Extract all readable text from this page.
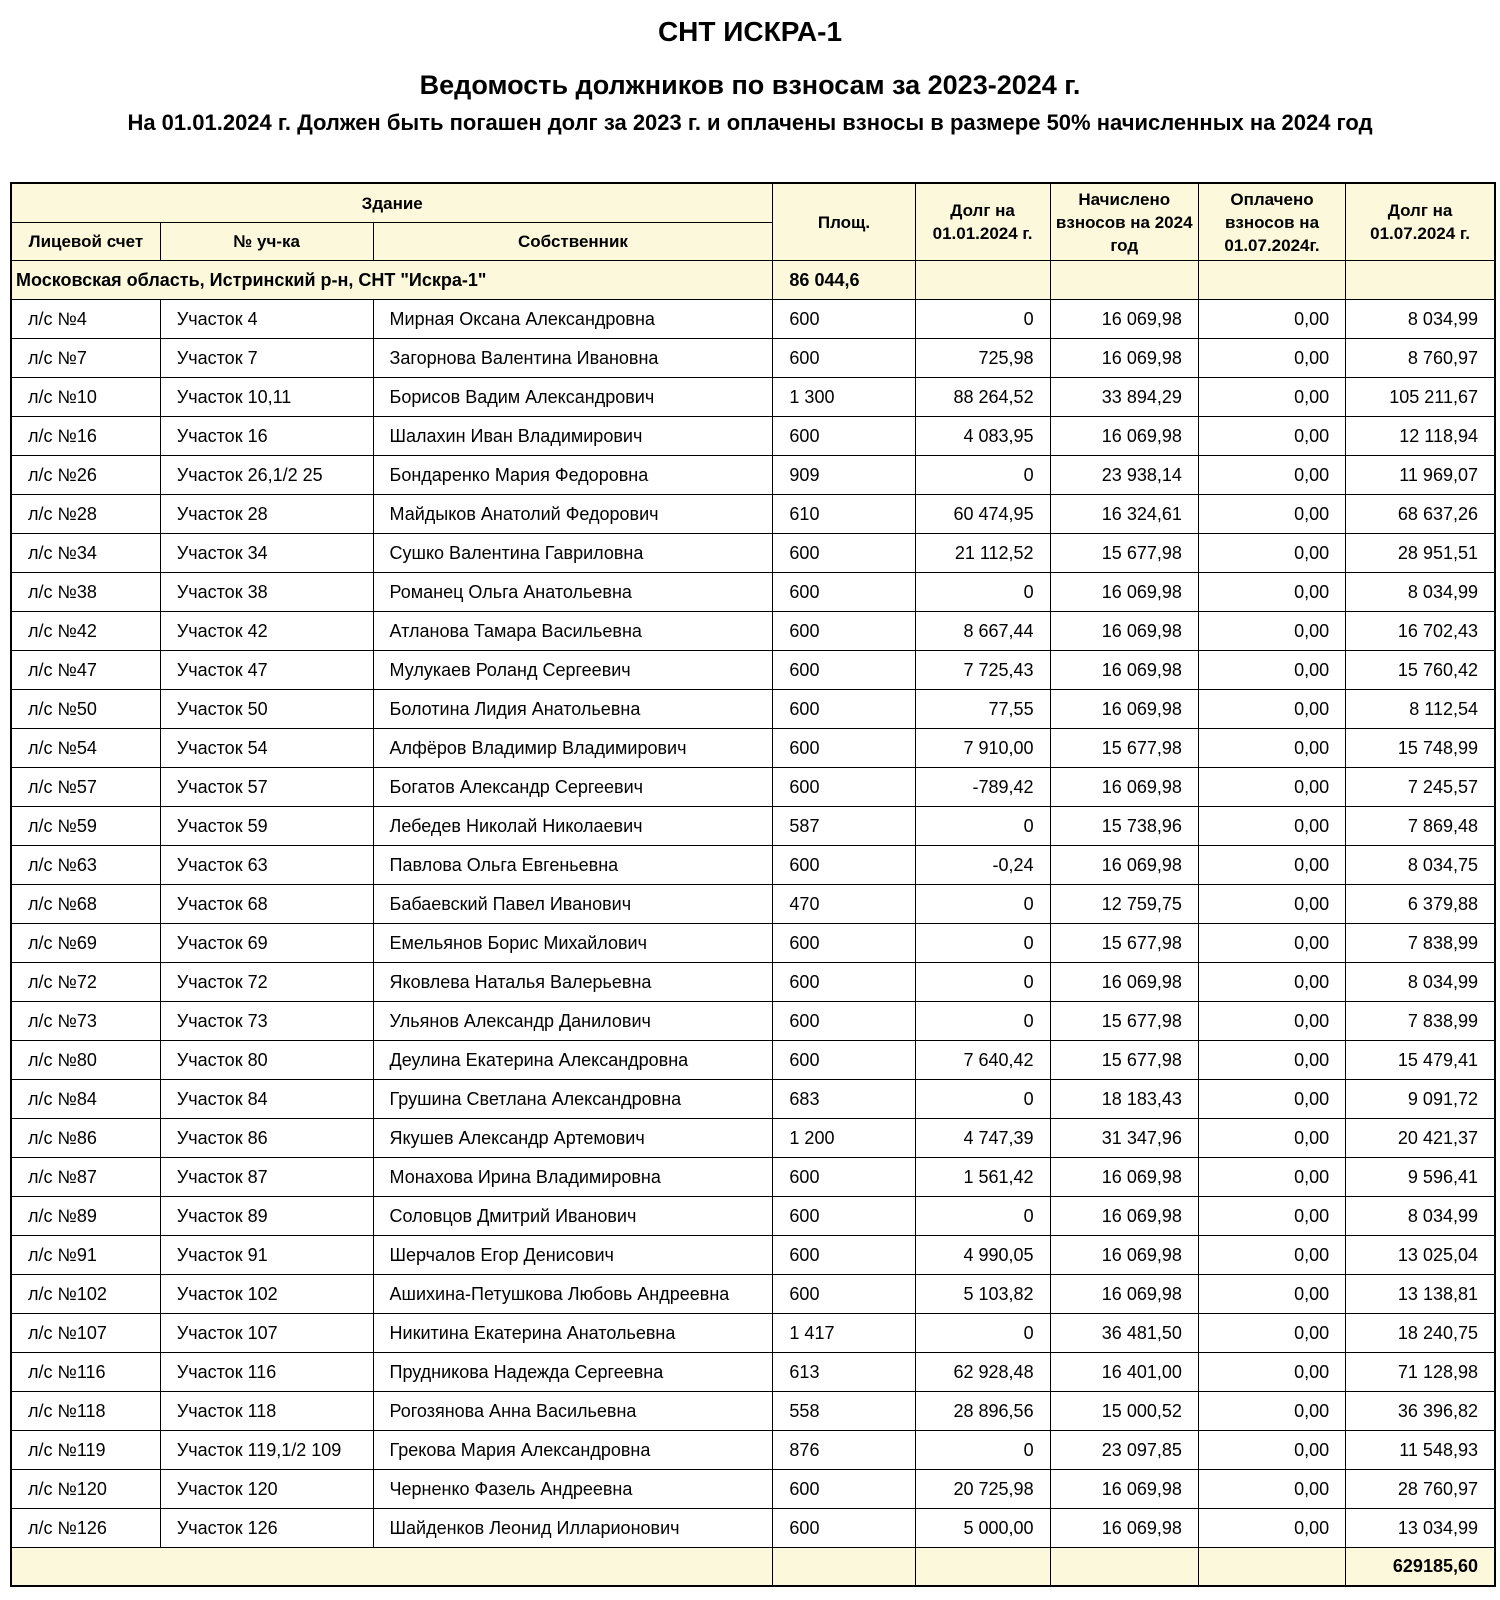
СНТ ИСКРА-1
Ведомость должников по взносам за 2023-2024 г.
На 01.01.2024 г. Должен быть погашен долг за 2023 г. и оплачены взносы в размере 50% начисленных на 2024 год
Здание			Площ.	Долг на 01.01.2024 г.	Начислено взносов на 2024 год	Оплачено взносов на 01.07.2024г.	Долг на 01.07.2024 г.
Лицевой счет	№ уч-ка	Собственник					
Московская область, Истринский р-н, СНТ "Искра-1"			86 044,6				
л/с №4	Участок 4	Мирная Оксана Александровна	600	0	16 069,98	0,00	8 034,99
л/с №7	Участок 7	Загорнова Валентина Ивановна	600	725,98	16 069,98	0,00	8 760,97
л/с №10	Участок 10,11	Борисов Вадим Александрович	1 300	88 264,52	33 894,29	0,00	105 211,67
л/с №16	Участок 16	Шалахин Иван Владимирович	600	4 083,95	16 069,98	0,00	12 118,94
л/с №26	Участок 26,1/2 25	Бондаренко Мария Федоровна	909	0	23 938,14	0,00	11 969,07
л/с №28	Участок 28	Майдыков Анатолий Федорович	610	60 474,95	16 324,61	0,00	68 637,26
л/с №34	Участок 34	Сушко Валентина Гавриловна	600	21 112,52	15 677,98	0,00	28 951,51
л/с №38	Участок 38	Романец Ольга Анатольевна	600	0	16 069,98	0,00	8 034,99
л/с №42	Участок 42	Атланова Тамара Васильевна	600	8 667,44	16 069,98	0,00	16 702,43
л/с №47	Участок 47	Мулукаев Роланд Сергеевич	600	7 725,43	16 069,98	0,00	15 760,42
л/с №50	Участок 50	Болотина Лидия Анатольевна	600	77,55	16 069,98	0,00	8 112,54
л/с №54	Участок 54	Алфёров Владимир Владимирович	600	7 910,00	15 677,98	0,00	15 748,99
л/с №57	Участок 57	Богатов Александр Сергеевич	600	-789,42	16 069,98	0,00	7 245,57
л/с №59	Участок 59	Лебедев Николай Николаевич	587	0	15 738,96	0,00	7 869,48
л/с №63	Участок 63	Павлова Ольга Евгеньевна	600	-0,24	16 069,98	0,00	8 034,75
л/с №68	Участок 68	Бабаевский Павел Иванович	470	0	12 759,75	0,00	6 379,88
л/с №69	Участок 69	Емельянов Борис Михайлович	600	0	15 677,98	0,00	7 838,99
л/с №72	Участок 72	Яковлева Наталья Валерьевна	600	0	16 069,98	0,00	8 034,99
л/с №73	Участок 73	Ульянов Александр Данилович	600	0	15 677,98	0,00	7 838,99
л/с №80	Участок 80	Деулина Екатерина Александровна	600	7 640,42	15 677,98	0,00	15 479,41
л/с №84	Участок 84	Грушина Светлана Александровна	683	0	18 183,43	0,00	9 091,72
л/с №86	Участок 86	Якушев Александр Артемович	1 200	4 747,39	31 347,96	0,00	20 421,37
л/с №87	Участок 87	Монахова Ирина Владимировна	600	1 561,42	16 069,98	0,00	9 596,41
л/с №89	Участок 89	Соловцов Дмитрий Иванович	600	0	16 069,98	0,00	8 034,99
л/с №91	Участок 91	Шерчалов Егор Денисович	600	4 990,05	16 069,98	0,00	13 025,04
л/с №102	Участок 102	Ашихина-Петушкова Любовь Андреевна	600	5 103,82	16 069,98	0,00	13 138,81
л/с №107	Участок 107	Никитина Екатерина Анатольевна	1 417	0	36 481,50	0,00	18 240,75
л/с №116	Участок 116	Прудникова Надежда Сергеевна	613	62 928,48	16 401,00	0,00	71 128,98
л/с №118	Участок 118	Рогозянова Анна Васильевна	558	28 896,56	15 000,52	0,00	36 396,82
л/с №119	Участок 119,1/2 109	Грекова Мария Александровна	876	0	23 097,85	0,00	11 548,93
л/с №120	Участок 120	Черненко Фазель Андреевна	600	20 725,98	16 069,98	0,00	28 760,97
л/с №126	Участок 126	Шайденков Леонид Илларионович	600	5 000,00	16 069,98	0,00	13 034,99
							629185,60
